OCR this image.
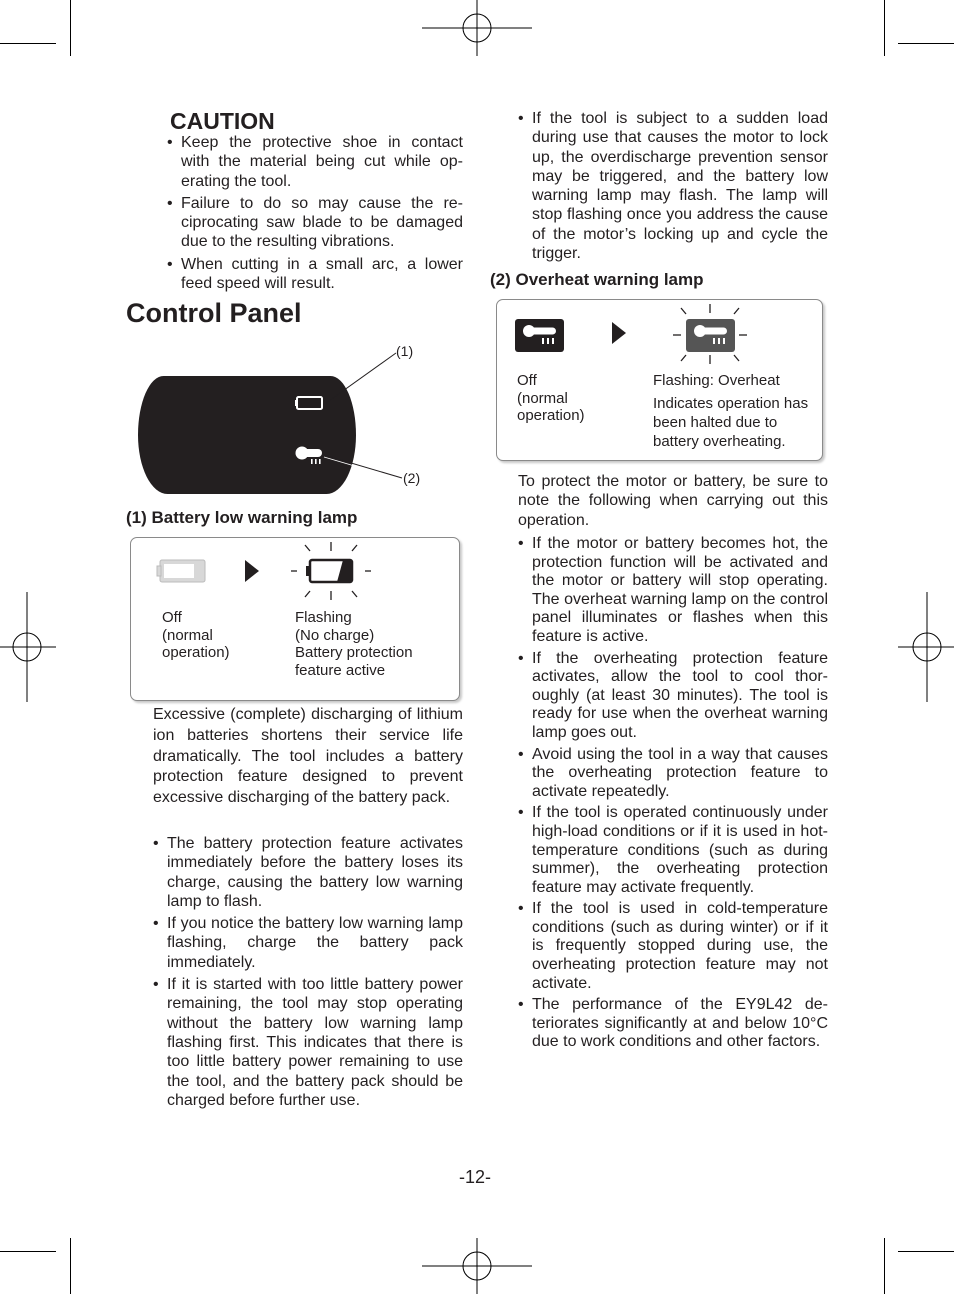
CAUTION
• Keep the protective shoe in contact with the material being cut while operating the tool.
• Failure to do so may cause the reciprocating saw blade to be damaged due to the resulting vibrations.
• When cutting in a small arc, a lower feed speed will result.
Control Panel
(1)
(2)
(1) Battery low warning lamp
Off
(normal
operation)
Flashing
(No charge)
Battery protection
feature active

Excessive (complete) discharging of lithium ion batteries shortens their service life dramatically. The tool includes a battery protection feature designed to prevent excessive discharging of the battery pack.

• The battery protection feature activates immediately before the battery loses its charge, causing the battery low warning lamp to flash.
• If you notice the battery low warning lamp flashing, charge the battery pack immediately.
• If it is started with too little battery power remaining, the tool may stop operating without the battery low warning lamp flashing first. This indicates that there is too little battery power remaining to use the tool, and the battery pack should be charged before further use.
• If the tool is subject to a sudden load during use that causes the motor to lock up, the overdischarge prevention sensor may be triggered, and the battery low warning lamp may flash. The lamp will stop flashing once you address the cause of the motor’s locking up and cycle the trigger.
(2) Overheat warning lamp
Off
(normal
operation)
Flashing: Overheat
Indicates operation has been halted due to battery overheating.

To protect the motor or battery, be sure to note the following when carrying out this operation.

• If the motor or battery becomes hot, the protection function will be activated and the motor or battery will stop operating. The overheat warning lamp on the control panel illuminates or flashes when this feature is active.
• If the overheating protection feature activates, allow the tool to cool thoroughly (at least 30 minutes). The tool is ready for use when the overheat warning lamp goes out.
• Avoid using the tool in a way that causes the overheating protection feature to activate repeatedly.
• If the tool is operated continuously under high-load conditions or if it is used in hot-temperature conditions (such as during summer), the overheating protection feature may activate frequently.
• If the tool is used in cold-temperature conditions (such as during winter) or if it is frequently stopped during use, the overheating protection feature may not activate.
• The performance of the EY9L42 deteriorates significantly at and below 10°C due to work conditions and other factors.
-12-
